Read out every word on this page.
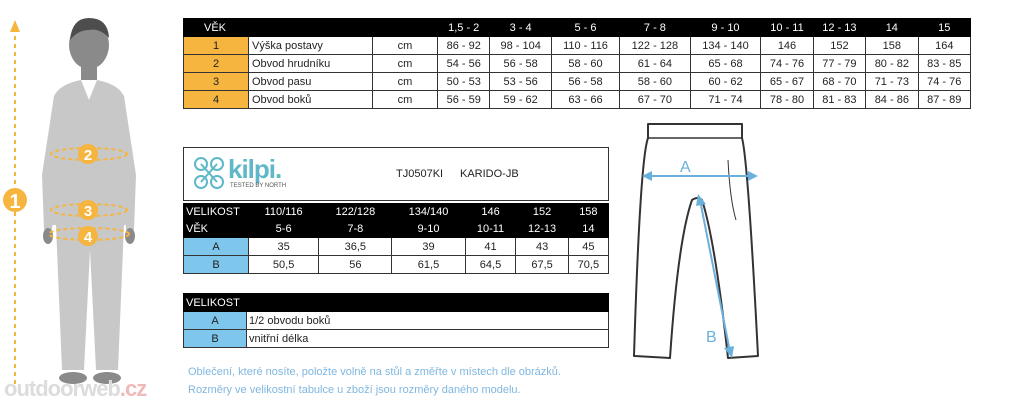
1
2
3
4
VĚK			1,5 - 2	3 - 4	5 - 6	7 - 8	9 - 10	10 - 11	12 - 13	14	15
1	Výška postavy	cm	86 - 92	98 - 104	110 - 116	122 - 128	134 - 140	146	152	158	164
2	Obvod hrudníku	cm	54 - 56	56 - 58	58 - 60	61 - 64	65 - 68	74 - 76	77 - 79	80 - 82	83 - 85
3	Obvod pasu	cm	50 - 53	53 - 56	56 - 58	58 - 60	60 - 62	65 - 67	68 - 70	71 - 73	74 - 76
4	Obvod boků	cm	56 - 59	59 - 62	63 - 66	67 - 70	71 - 74	78 - 80	81 - 83	84 - 86	87 - 89
kilpi.
TESTED BY NORTH
TJ0507KI KARIDO-JB
VELIKOST	110/116	122/128	134/140	146	152	158
VĚK	5-6	7-8	9-10	10-11	12-13	14
A	35	36,5	39	41	43	45
B	50,5	56	61,5	64,5	67,5	70,5
VELIKOST	
A	1/2 obvodu boků
B	vnitřní délka
A
B
Oblečení, které nosíte, položte volně na stůl a změřte v místech dle obrázků.
Rozměry ve velikostní tabulce u zboží jsou rozměry daného modelu.
outdoorweb.cz
